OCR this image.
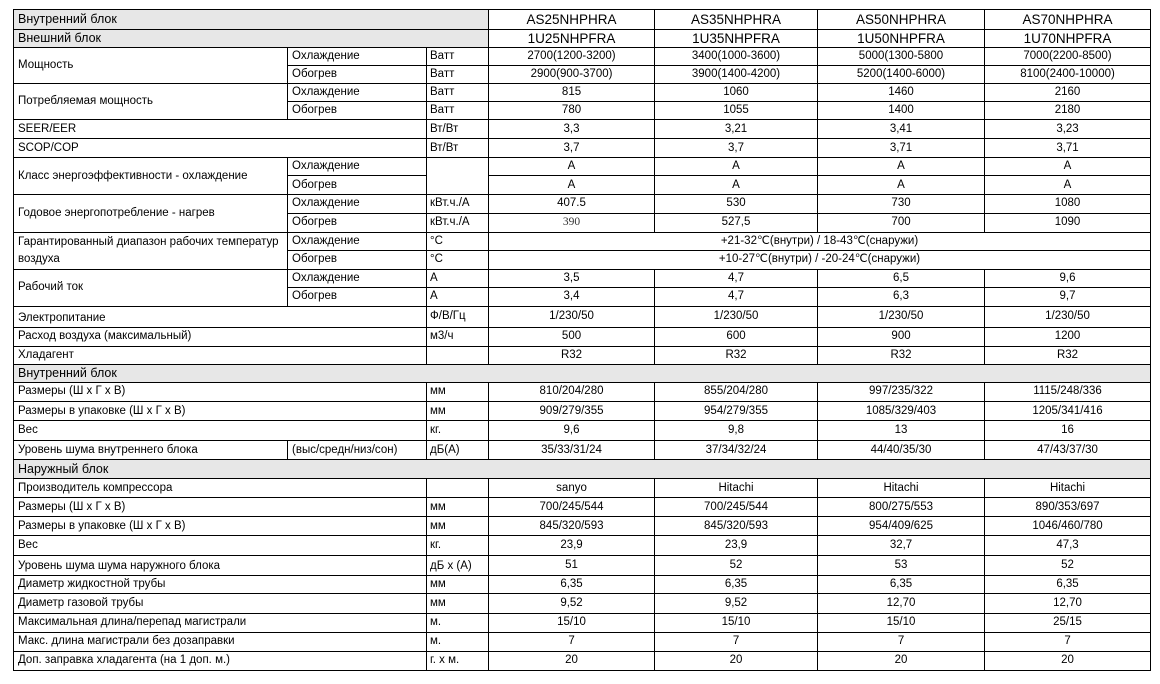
Внутренний блок			AS25NHPHRA	AS35NHPHRA	AS50NHPHRA	AS70NHPHRA
Внешний блок			1U25NHPFRA	1U35NHPFRA	1U50NHPFRA	1U70NHPFRA
Мощность	Охлаждение	Ватт	2700(1200-3200)	3400(1000-3600)	5000(1300-5800	7000(2200-8500)
	Обогрев	Ватт	2900(900-3700)	3900(1400-4200)	5200(1400-6000)	8100(2400-10000)
Потребляемая мощность	Охлаждение	Ватт	815	1060	1460	2160
	Обогрев	Ватт	780	1055	1400	2180
SEER/EER		Вт/Вт	3,3	3,21	3,41	3,23
SCOP/COP		Вт/Вт	3,7	3,7	3,71	3,71
Класс энергоэффективности - охлаждение	Охлаждение		A	A	A	A
	Обогрев		A	A	A	A
Годовое энергопотребление - нагрев	Охлаждение	кВт.ч./А	407.5	530	730	1080
	Обогрев	кВт.ч./А	390	527,5	700	1090
Гарантированный диапазон рабочих температур воздуха	Охлаждение	°C	+21-32℃(внутри) / 18-43℃(снаружи)			
	Обогрев	°C	+10-27℃(внутри) / -20-24℃(снаружи)			
Рабочий ток	Охлаждение	A	3,5	4,7	6,5	9,6
	Обогрев	A	3,4	4,7	6,3	9,7
Электропитание		Ф/В/Гц	1/230/50	1/230/50	1/230/50	1/230/50
Расход воздуха (максимальный)		м3/ч	500	600	900	1200
Хладагент			R32	R32	R32	R32
Внутренний блок						
Размеры (Ш х Г х В)		мм	810/204/280	855/204/280	997/235/322	1115/248/336
Размеры в упаковке (Ш х Г х В)		мм	909/279/355	954/279/355	1085/329/403	1205/341/416
Вес		кг.	9,6	9,8	13	16
Уровень шума внутреннего блока	(выс/средн/низ/сон)	дБ(А)	35/33/31/24	37/34/32/24	44/40/35/30	47/43/37/30
Наружный блок						
Производитель компрессора			sanyo	Hitachi	Hitachi	Hitachi
Размеры (Ш х Г х В)		мм	700/245/544	700/245/544	800/275/553	890/353/697
Размеры в упаковке (Ш х Г х В)		мм	845/320/593	845/320/593	954/409/625	1046/460/780
Вес		кг.	23,9	23,9	32,7	47,3
Уровень шума шума наружного блока		дБ х (А)	51	52	53	52
Диаметр жидкостной трубы		мм	6,35	6,35	6,35	6,35
Диаметр газовой трубы		мм	9,52	9,52	12,70	12,70
Максимальная длина/перепад магистрали		м.	15/10	15/10	15/10	25/15
Макс. длина магистрали без дозаправки		м.	7	7	7	7
Доп. заправка хладагента (на 1 доп. м.)		г. х м.	20	20	20	20
